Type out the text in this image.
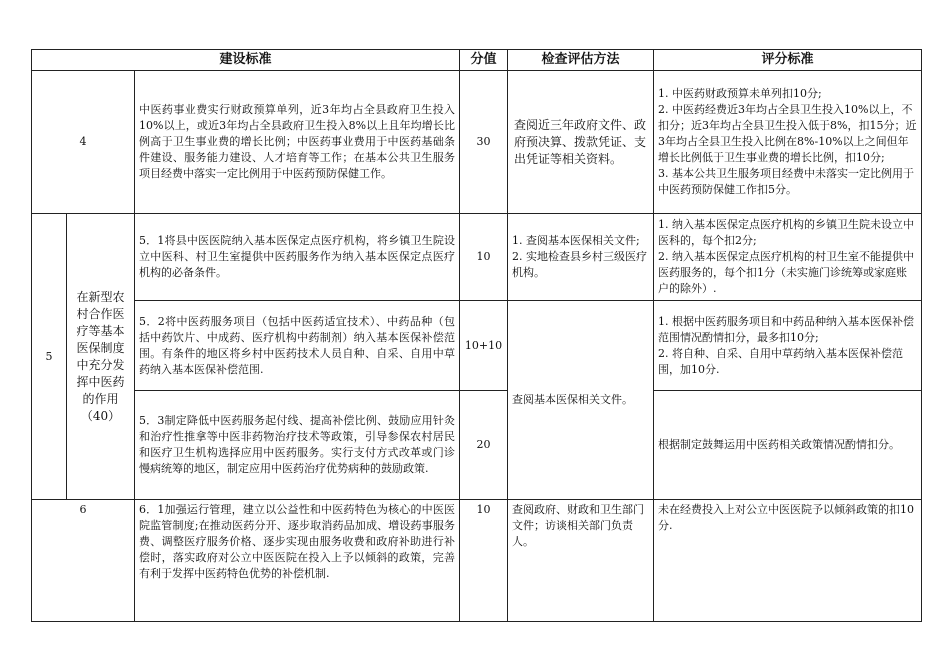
建设标准			分值	检查评估方法	评分标准
4		中医药事业费实行财政预算单列，近3年均占全县政府卫生投入10%以上，或近3年均占全县政府卫生投入8%以上且年均增长比例高于卫生事业费的增长比例；中医药事业费用于中医药基础条件建设、服务能力建设、人才培育等工作；在基本公共卫生服务项目经费中落实一定比例用于中医药预防保健工作。	30	查阅近三年政府文件、政府预决算、拨款凭证、支出凭证等相关资料。	1. 中医药财政预算未单列扣10分;
2. 中医药经费近3年均占全县卫生投入10%以上，不扣分；近3年均占全县卫生投入低于8%，扣15分；近3年均占全县卫生投入比例在8%-10%以上之间但年增长比例低于卫生事业费的增长比例，扣10分;
3. 基本公共卫生服务项目经费中未落实一定比例用于中医药预防保健工作扣5分。

5	在新型农村合作医疗等基本医保制度中充分发挥中医药的作用（40）	5．1将县中医医院纳入基本医保定点医疗机构，将乡镇卫生院设立中医科、村卫生室提供中医药服务作为纳入基本医保定点医疗机构的必备条件。	10	1. 查阅基本医保相关文件;
2. 实地检查县乡村三级医疗机构。	1. 纳入基本医保定点医疗机构的乡镇卫生院未设立中医科的，每个扣2分;
2. 纳入基本医保定点医疗机构的村卫生室不能提供中医药服务的，每个扣1分（未实施门诊统筹或家庭账户的除外）.

		5．2将中医药服务项目（包括中医药适宜技术）、中药品种（包括中药饮片、中成药、医疗机构中药制剂）纳入基本医保补偿范围。有条件的地区将乡村中医药技术人员自种、自采、自用中草药纳入基本医保补偿范围.	10+10	查阅基本医保相关文件。	1. 根据中医药服务项目和中药品种纳入基本医保补偿范围情况酌情扣分，最多扣10分;
2. 将自种、自采、自用中草药纳入基本医保补偿范围，加10分.

		5．3制定降低中医药服务起付线、提高补偿比例、鼓励应用针灸和治疗性推拿等中医非药物治疗技术等政策，引导参保农村居民和医疗卫生机构选择应用中医药服务。实行支付方式改革或门诊慢病统筹的地区，制定应用中医药治疗优势病种的鼓励政策.	20		根据制定鼓舞运用中医药相关政策情况酌情扣分。
6		6．1加强运行管理，建立以公益性和中医药特色为核心的中医医院监管制度;在推动医药分开、逐步取消药品加成、增设药事服务费、调整医疗服务价格、逐步实现由服务收费和政府补助进行补偿时，落实政府对公立中医医院在投入上予以倾斜的政策，完善有利于发挥中医药特色优势的补偿机制.	10	查阅政府、财政和卫生部门文件；访谈相关部门负责人。	未在经费投入上对公立中医医院予以倾斜政策的扣10分.
